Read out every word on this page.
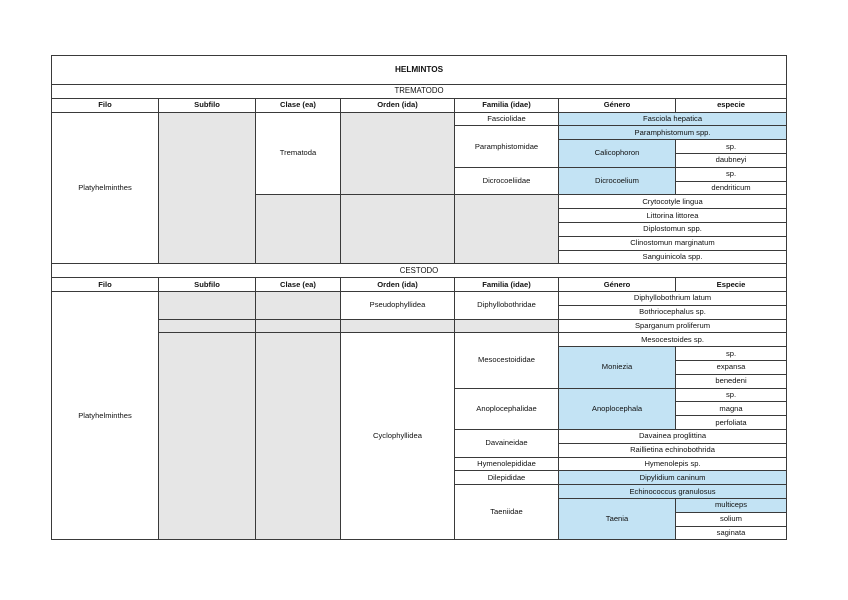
HELMINTOS						
TREMATODO						
Filo	Subfilo	Clase (ea)	Orden (ida)	Familia (idae)	Género	especie
Platyhelminthes		Trematoda		Fasciolidae	Fasciola hepatica	
				Paramphistomidae	Paramphistomum spp.	
					Calicophoron	sp.
						daubneyi
				Dicrocoeliidae	Dicrocoelium	sp.
						dendriticum
					Crytocotyle lingua	
					Littorina littorea	
					Diplostomun spp.	
					Clinostomun marginatum	
					Sanguinicola spp.	
CESTODO						
Filo	Subfilo	Clase (ea)	Orden (ida)	Familia (idae)	Género	Especie
Platyhelminthes			Pseudophyllidea	Diphyllobothridae	Diphyllobothrium latum	
					Bothriocephalus sp.	
					Sparganum proliferum	
			Cyclophyllidea	Mesocestoididae	Mesocestoides sp.	
					Moniezia	sp.
						expansa
						benedeni
				Anoplocephalidae	Anoplocephala	sp.
						magna
						perfoliata
				Davaineidae	Davainea proglittina	
					Raillietina echinobothrida	
				Hymenolepididae	Hymenolepis sp.	
				Dilepididae	Dipylidium caninum	
				Taeniidae	Echinococcus granulosus	
					Taenia	multiceps
						solium
						saginata
